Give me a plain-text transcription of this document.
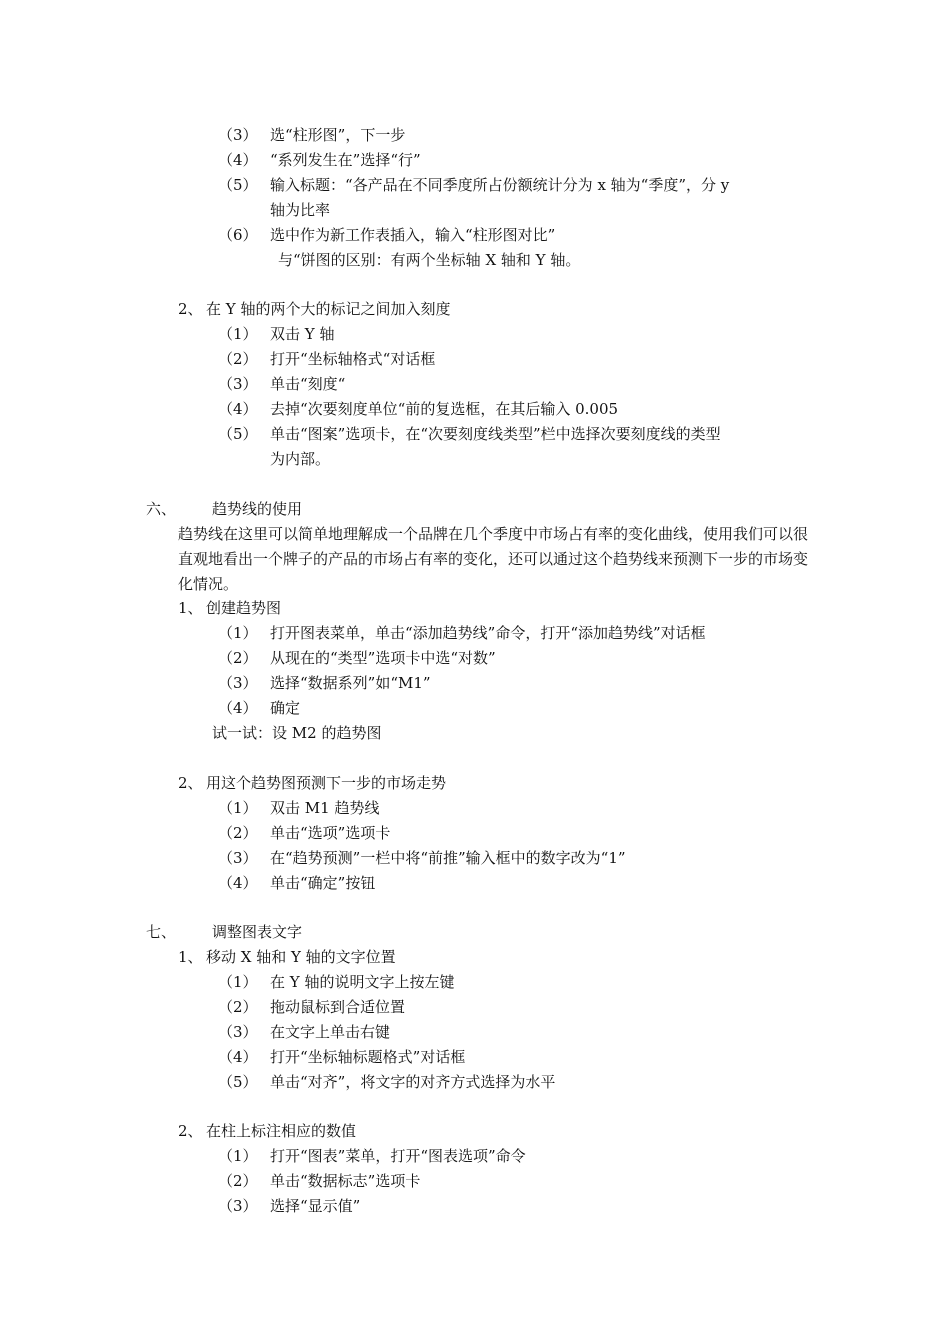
（3） 选“柱形图”，下一步
（4） “系列发生在”选择“行”
（5） 输入标题：“各产品在不同季度所占份额统计分为 x 轴为“季度”，分 y
轴为比率
（6） 选中作为新工作表插入，输入“柱形图对比”
与“饼图的区别：有两个坐标轴 X 轴和 Y 轴。
2、 在 Y 轴的两个大的标记之间加入刻度
（1） 双击 Y 轴
（2） 打开“坐标轴格式“对话框
（3） 单击“刻度“
（4） 去掉“次要刻度单位“前的复选框，在其后输入 0.005
（5） 单击“图案”选项卡，在“次要刻度线类型”栏中选择次要刻度线的类型
为内部。
六、 趋势线的使用
趋势线在这里可以简单地理解成一个品牌在几个季度中市场占有率的变化曲线，使用我们可以很直观地看出一个牌子的产品的市场占有率的变化，还可以通过这个趋势线来预测下一步的市场变化情况。
1、 创建趋势图
（1） 打开图表菜单，单击“添加趋势线”命令，打开“添加趋势线”对话框
（2） 从现在的“类型”选项卡中选“对数”
（3） 选择“数据系列”如“M1”
（4） 确定
试一试：设 M2 的趋势图
2、 用这个趋势图预测下一步的市场走势
（1） 双击 M1 趋势线
（2） 单击“选项”选项卡
（3） 在“趋势预测”一栏中将“前推”输入框中的数字改为“1”
（4） 单击“确定”按钮
七、 调整图表文字
1、 移动 X 轴和 Y 轴的文字位置
（1） 在 Y 轴的说明文字上按左键
（2） 拖动鼠标到合适位置
（3） 在文字上单击右键
（4） 打开“坐标轴标题格式”对话框
（5） 单击“对齐”，将文字的对齐方式选择为水平
2、 在柱上标注相应的数值
（1） 打开“图表”菜单，打开“图表选项”命令
（2） 单击“数据标志”选项卡
（3） 选择“显示值”
